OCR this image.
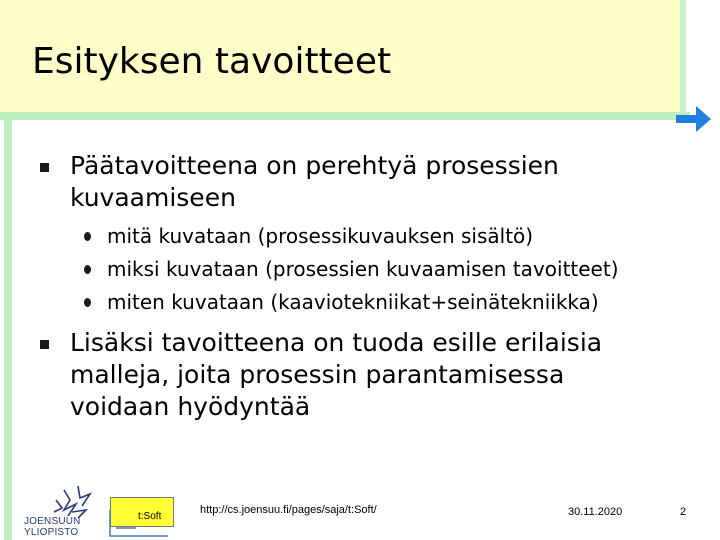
Esityksen tavoitteet
Päätavoitteena on perehtyä prosessien kuvaamiseen
mitä kuvataan (prosessikuvauksen sisältö)
miksi kuvataan (prosessien kuvaamisen tavoitteet)
miten kuvataan (kaaviotekniikat+seinätekniikka)
Lisäksi tavoitteena on tuoda esille erilaisia malleja, joita prosessin parantamisessa voidaan hyödyntää
JOENSUUN
YLIOPISTO
t:Soft
http://cs.joensuu.fi/pages/saja/t:Soft/	30.11.2020	2
